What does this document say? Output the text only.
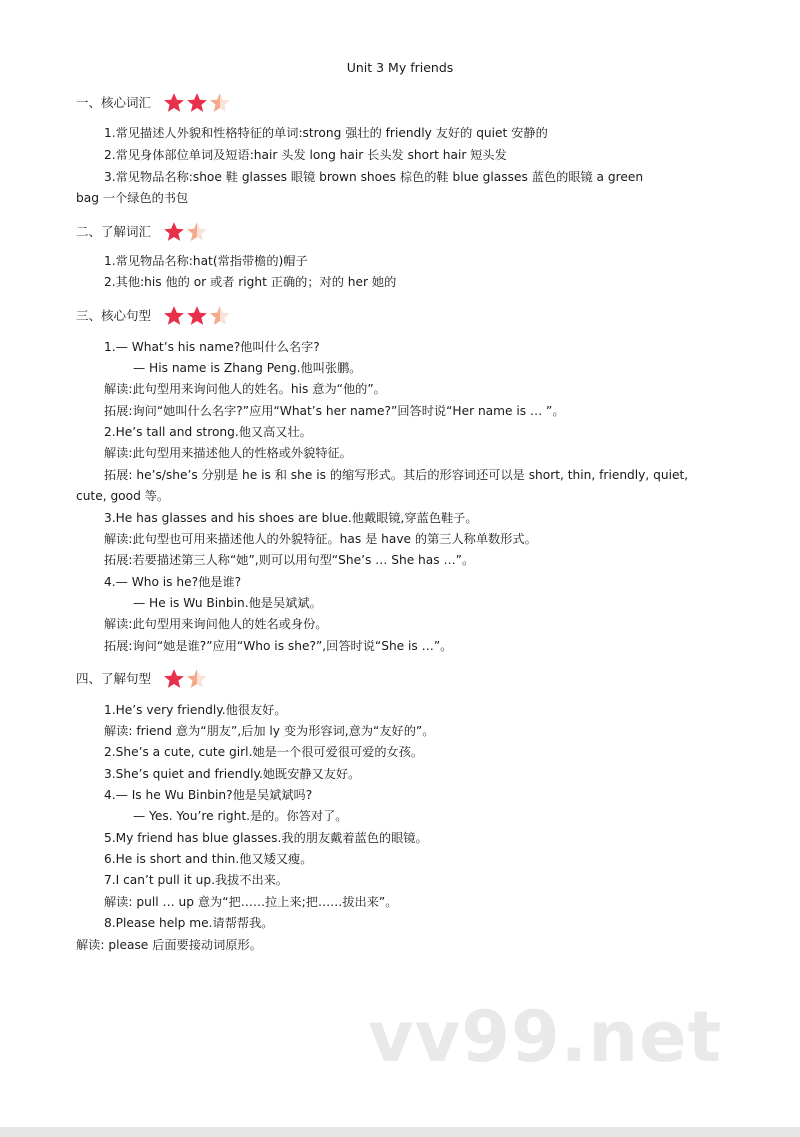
Unit 3 My friends
一、核心词汇
1.常见描述人外貌和性格特征的单词:strong 强壮的 friendly 友好的 quiet 安静的
2.常见身体部位单词及短语:hair 头发 long hair 长头发 short hair 短头发
3.常见物品名称:shoe 鞋 glasses 眼镜 brown shoes 棕色的鞋 blue glasses 蓝色的眼镜 a green
bag 一个绿色的书包
二、了解词汇
1.常见物品名称:hat(常指带檐的)帽子
2.其他:his 他的 or 或者 right 正确的；对的 her 她的
三、核心句型
1.— What’s his name?他叫什么名字?
— His name is Zhang Peng.他叫张鹏。
解读:此句型用来询问他人的姓名。his 意为“他的”。
拓展:询问“她叫什么名字?”应用“What’s her name?”回答时说“Her name is … ”。
2.He’s tall and strong.他又高又壮。
解读:此句型用来描述他人的性格或外貌特征。
拓展: he’s/she’s 分别是 he is 和 she is 的缩写形式。其后的形容词还可以是 short, thin, friendly, quiet,
cute, good 等。
3.He has glasses and his shoes are blue.他戴眼镜,穿蓝色鞋子。
解读:此句型也可用来描述他人的外貌特征。has 是 have 的第三人称单数形式。
拓展:若要描述第三人称“她”,则可以用句型“She’s … She has …”。
4.— Who is he?他是谁?
— He is Wu Binbin.他是吴斌斌。
解读:此句型用来询问他人的姓名或身份。
拓展:询问“她是谁?”应用“Who is she?”,回答时说“She is …”。
四、了解句型
1.He’s very friendly.他很友好。
解读: friend 意为“朋友”,后加 ly 变为形容词,意为“友好的”。
2.She’s a cute, cute girl.她是一个很可爱很可爱的女孩。
3.She’s quiet and friendly.她既安静又友好。
4.— Is he Wu Binbin?他是吴斌斌吗?
— Yes. You’re right.是的。你答对了。
5.My friend has blue glasses.我的朋友戴着蓝色的眼镜。
6.He is short and thin.他又矮又瘦。
7.I can’t pull it up.我拔不出来。
解读: pull … up 意为“把……拉上来;把……拔出来”。
8.Please help me.请帮帮我。
解读: please 后面要接动词原形。
vv99.net
